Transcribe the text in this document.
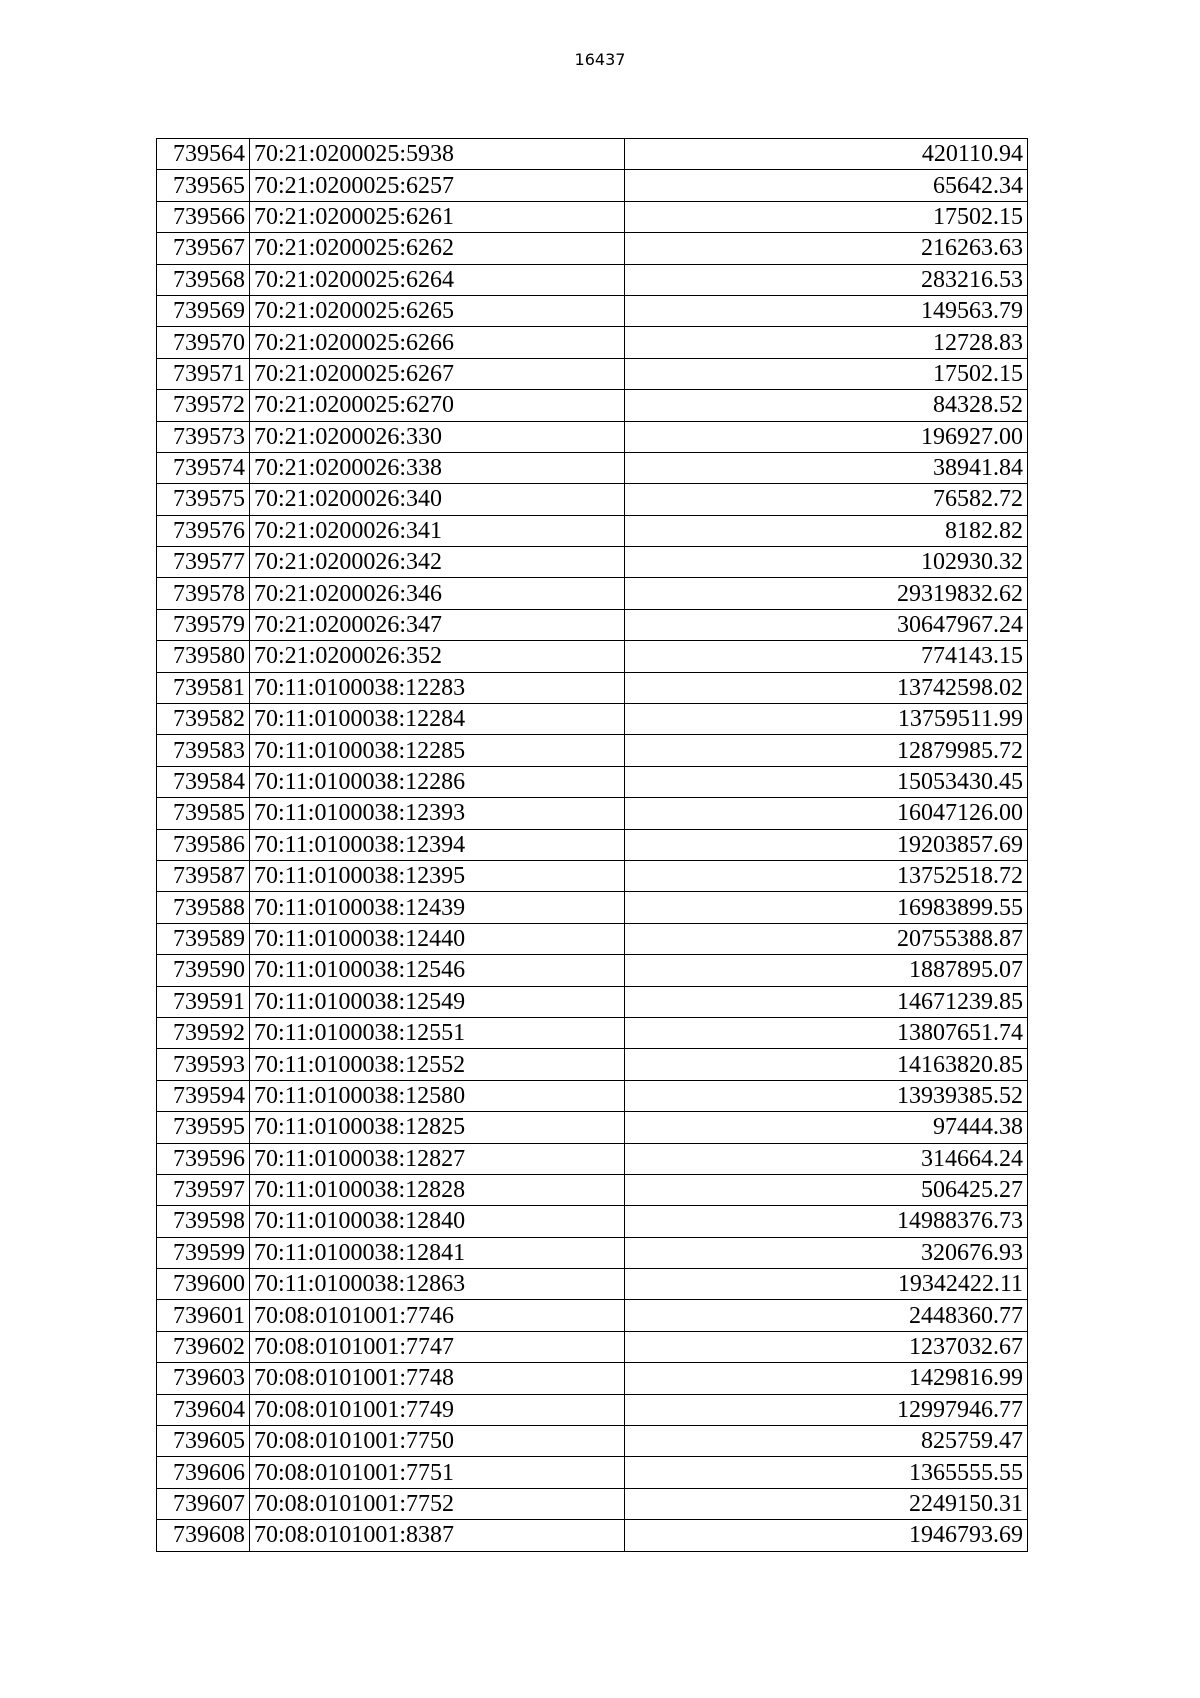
16437
739564	70:21:0200025:5938	420110.94
739565	70:21:0200025:6257	65642.34
739566	70:21:0200025:6261	17502.15
739567	70:21:0200025:6262	216263.63
739568	70:21:0200025:6264	283216.53
739569	70:21:0200025:6265	149563.79
739570	70:21:0200025:6266	12728.83
739571	70:21:0200025:6267	17502.15
739572	70:21:0200025:6270	84328.52
739573	70:21:0200026:330	196927.00
739574	70:21:0200026:338	38941.84
739575	70:21:0200026:340	76582.72
739576	70:21:0200026:341	8182.82
739577	70:21:0200026:342	102930.32
739578	70:21:0200026:346	29319832.62
739579	70:21:0200026:347	30647967.24
739580	70:21:0200026:352	774143.15
739581	70:11:0100038:12283	13742598.02
739582	70:11:0100038:12284	13759511.99
739583	70:11:0100038:12285	12879985.72
739584	70:11:0100038:12286	15053430.45
739585	70:11:0100038:12393	16047126.00
739586	70:11:0100038:12394	19203857.69
739587	70:11:0100038:12395	13752518.72
739588	70:11:0100038:12439	16983899.55
739589	70:11:0100038:12440	20755388.87
739590	70:11:0100038:12546	1887895.07
739591	70:11:0100038:12549	14671239.85
739592	70:11:0100038:12551	13807651.74
739593	70:11:0100038:12552	14163820.85
739594	70:11:0100038:12580	13939385.52
739595	70:11:0100038:12825	97444.38
739596	70:11:0100038:12827	314664.24
739597	70:11:0100038:12828	506425.27
739598	70:11:0100038:12840	14988376.73
739599	70:11:0100038:12841	320676.93
739600	70:11:0100038:12863	19342422.11
739601	70:08:0101001:7746	2448360.77
739602	70:08:0101001:7747	1237032.67
739603	70:08:0101001:7748	1429816.99
739604	70:08:0101001:7749	12997946.77
739605	70:08:0101001:7750	825759.47
739606	70:08:0101001:7751	1365555.55
739607	70:08:0101001:7752	2249150.31
739608	70:08:0101001:8387	1946793.69
